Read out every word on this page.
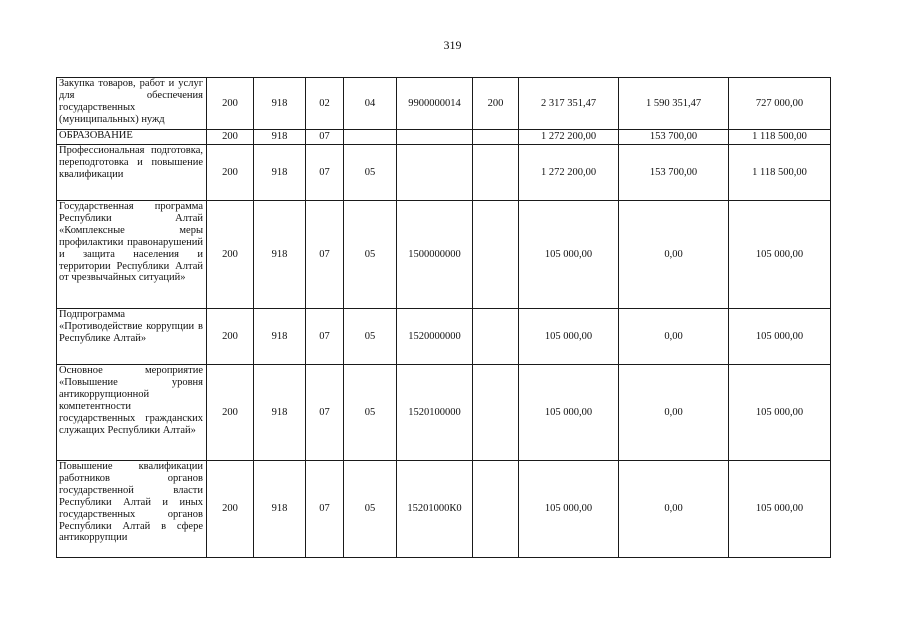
319
Закупка товаров, работ и услуг для обеспечения государственных (муниципальных) нужд	200	918	02	04	9900000014	200	2 317 351,47	1 590 351,47	727 000,00
ОБРАЗОВАНИЕ	200	918	07				1 272 200,00	153 700,00	1 118 500,00
Профессиональная подготовка, переподготовка и повышение квалификации	200	918	07	05			1 272 200,00	153 700,00	1 118 500,00
Государственная программа Республики Алтай «Комплексные меры профилактики правонарушений и защита населения и территории Республики Алтай от чрезвычайных ситуаций»	200	918	07	05	1500000000		105 000,00	0,00	105 000,00
Подпрограмма «Противодействие коррупции в Республике Алтай»	200	918	07	05	1520000000		105 000,00	0,00	105 000,00
Основное мероприятие «Повышение уровня антикоррупционной компетентности государственных гражданских служащих Республики Алтай»	200	918	07	05	1520100000		105 000,00	0,00	105 000,00
Повышение квалификации работников органов государственной власти Республики Алтай и иных государственных органов Республики Алтай в сфере антикоррупции	200	918	07	05	15201000К0		105 000,00	0,00	105 000,00
